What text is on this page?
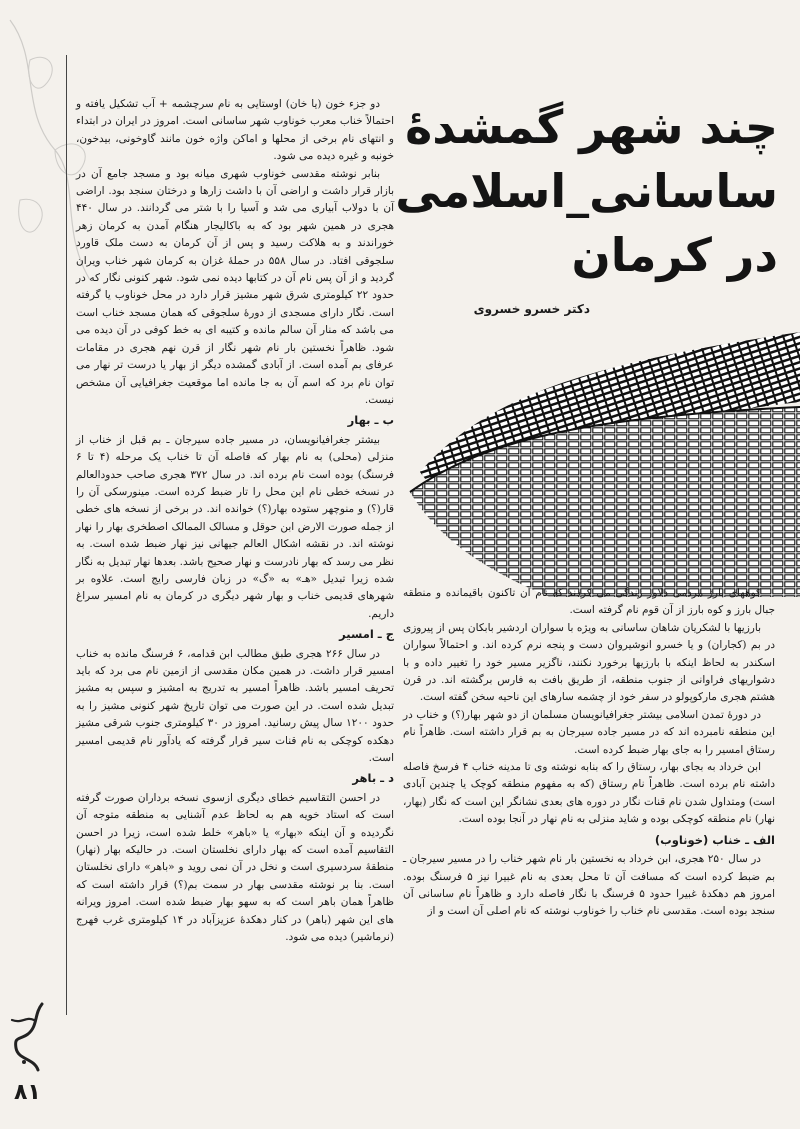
چند شهر گمشدهٔ
ساسانی_اسلامی
در کرمان
دکتر خسرو خسروی

دو جزء خون (یا خان) اوستایی به نام سرچشمه + آب تشکیل یافته و احتمالاً خناب معرب خوناوب شهر ساسانی است. امروز در ایران در ابتداء و انتهای نام برخی از محلها و اماکن واژه خون مانند گاوخونی، بیدخون، خونبه و غیره دیده می شود.

بنابر نوشته مقدسی خوناوب شهری میانه بود و مسجد جامع آن در بازار قرار داشت و اراضی آن با داشت زارها و درختان سنجد بود. اراضی آن با دولاب آبیاری می شد و آسیا را با شتر می گردانند. در سال ۴۴۰ هجری در همین شهر بود که به باکالیجار هنگام آمدن به کرمان زهر خوراندند و به هلاکت رسید و پس از آن کرمان به دست ملک قاورد سلجوقی افتاد. در سال ۵۵۸ در حملهٔ غزان به کرمان شهر خناب ویران گردید و از آن پس نام آن در کتابها دیده نمی شود. شهر کنونی نگار که در حدود ۲۲ کیلومتری شرق شهر مشیز قرار دارد در محل خوناوب یا گرفته است. نگار دارای مسجدی از دورهٔ سلجوقی که همان مسجد خناب است می باشد که منار آن سالم مانده و کتیبه ای به خط کوفی در آن دیده می شود. ظاهراً نخستین بار نام شهر نگار از قرن نهم هجری در مقامات عرفای بم آمده است. از آبادی گمشده دیگر از بهار یا درست تر نهار می توان نام برد که اسم آن به جا مانده اما موقعیت جغرافیایی آن مشخص نیست.

ب ـ بهار

بیشتر جغرافیانویسان، در مسیر جاده سیرجان ـ بم قبل از خناب از منزلی (محلی) به نام بهار که فاصله آن تا خناب یک مرحله (۴ تا ۶ فرسنگ) بوده است نام برده اند. در سال ۳۷۲ هجری صاحب حدودالعالم در نسخه خطی نام این محل را تار ضبط کرده است. مینورسکی آن را قار(؟) و منوچهر ستوده بهار(؟) خوانده اند. در برخی از نسخه های خطی از جمله صورت الارض ابن حوقل و مسالک الممالک اصطخری بهار را نهار نوشته اند. در نقشه اشکال العالم جیهانی نیز نهار ضبط شده است. به نظر می رسد که بهار نادرست و نهار صحیح باشد. بعدها نهار تبدیل به نگار شده زیرا تبدیل «هـ» به «گ» در زبان فارسی رایج است. علاوه بر شهرهای قدیمی خناب و بهار شهر دیگری در کرمان به نام امسیر سراغ داریم.

ج ـ امسیر

در سال ۲۶۶ هجری طبق مطالب ابن قدامه، ۶ فرسنگ مانده به خناب امسیر قرار داشت. در همین مکان مقدسی از ازمین نام می برد که باید تحریف امسیر باشد. ظاهراً امسیر به تدریج به امشیز و سپس به مشیز تبدیل شده است. در این صورت می توان تاریخ شهر کنونی مشیز را به حدود ۱۲۰۰ سال پیش رسانید. امروز در ۳۰ کیلومتری جنوب شرقی مشیز دهکده کوچکی به نام قنات سیر قرار گرفته که یادآور نام قدیمی امسیر است.

د ـ باهر

در احسن التقاسیم خطای دیگری ازسوی نسخه برداران صورت گرفته است که استاد خویه هم به لحاظ عدم آشنایی به منطقه متوجه آن نگردیده و آن اینکه «بهار» یا «باهر» خلط شده است، زیرا در احسن التقاسیم آمده است که بهار دارای نخلستان است. در حالیکه بهار (نهار) منطقهٔ سردسیری است و نخل در آن نمی روید و «باهر» دارای نخلستان است. بنا بر نوشته مقدسی بهار در سمت بم(؟) قرار داشته است که ظاهراً همان باهر است که به سهو بهار ضبط شده است. امروز ویرانه های این شهر (باهر) در کنار دهکدهٔ عزیزآباد در ۱۴ کیلومتری غرب فهرج (نرماشیر) دیده می شود.

کوههای بارز مردمی دلاور زندگی می کردند که نام آن تاکنون باقیمانده و منطقه جبال بارز و کوه بارز از آن قوم نام گرفته است.

بارزیها با لشکریان شاهان ساسانی به ویژه با سواران اردشیر بابکان پس از پیروزی در بم (کجاران) و یا خسرو انوشیروان دست و پنجه نرم کرده اند. و احتمالاً سواران اسکندر به لحاظ اینکه با بارزیها برخورد نکنند، ناگزیر مسیر خود را تغییر داده و با دشواریهای فراوانی از جنوب منطقه، از طریق بافت به فارس برگشته اند. در قرن هشتم هجری مارکوپولو در سفر خود از چشمه سارهای این ناحیه سخن گفته است.

در دورهٔ تمدن اسلامی بیشتر جغرافیانویسان مسلمان از دو شهر بهار(؟) و خناب در این منطقه نامبرده اند که در مسیر جاده سیرجان به بم قرار داشته است. ظاهراً نام رستاق امسیر را به جای بهار ضبط کرده است.

ابن خرداد به بجای بهار، رستاق را که بنابه نوشته وی تا مدینه خناب ۴ فرسخ فاصله داشته نام برده است. ظاهراً نام رستاق (که به مفهوم منطقه کوچک یا چندین آبادی است) ومتداول شدن نام قنات نگار در دوره های بعدی نشانگر این است که نگار (بهار، نهار) نام منطقه کوچکی بوده و شاید منزلی به نام نهار در آنجا بوده است.

الف ـ خناب (خوناوب)

در سال ۲۵۰ هجری، ابن خرداد به نخستین بار نام شهر خناب را در مسیر سیرجان ـ بم ضبط کرده است که مسافت آن تا محل بعدی به نام غبیرا نیز ۵ فرسنگ بوده. امروز هم دهکدهٔ غبیرا حدود ۵ فرسنگ با نگار فاصله دارد و ظاهراً نام ساسانی آن سنجد بوده است. مقدسی نام خناب را خوناوب نوشته که نام اصلی آن است و از

۸۱
